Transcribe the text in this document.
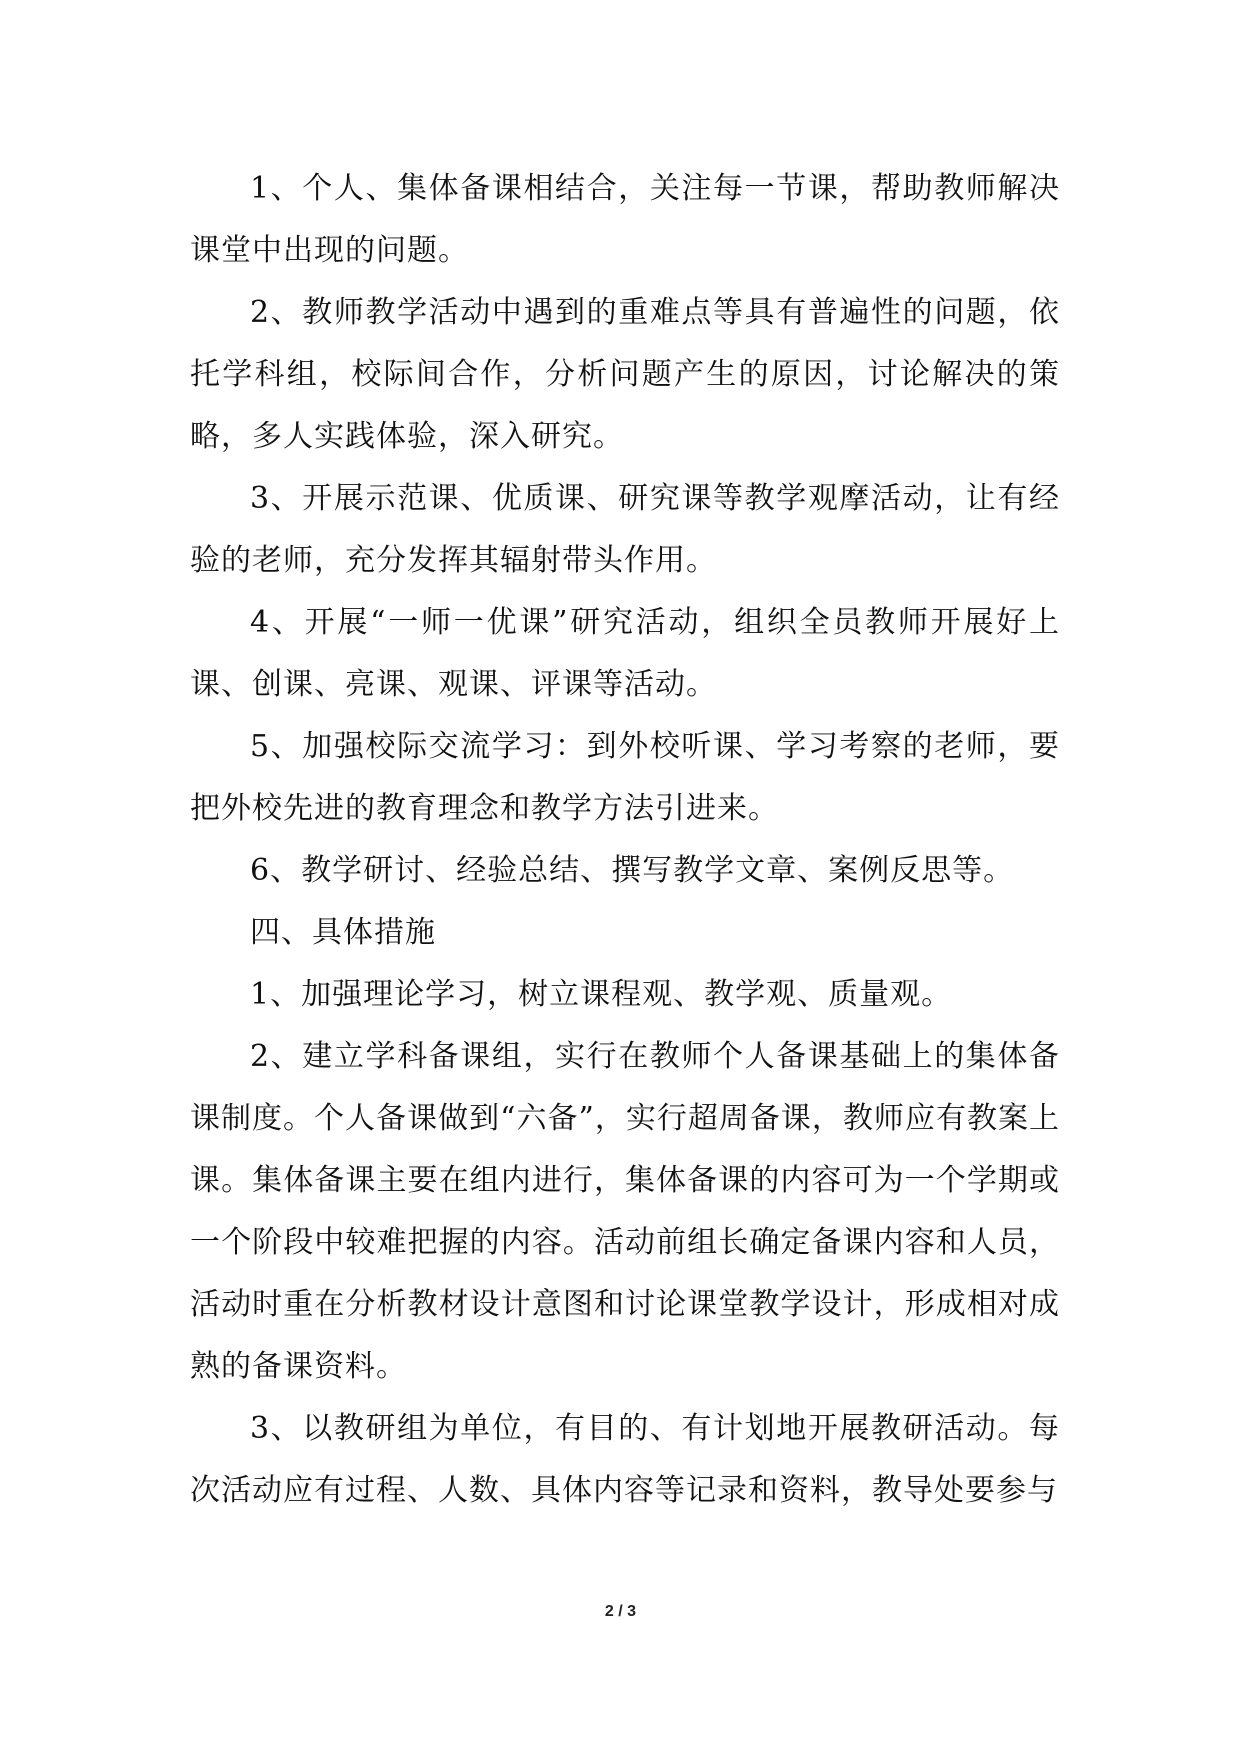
1、个人、集体备课相结合，关注每一节课，帮助教师解决课堂中出现的问题。

2、教师教学活动中遇到的重难点等具有普遍性的问题，依托学科组，校际间合作，分析问题产生的原因，讨论解决的策略，多人实践体验，深入研究。

3、开展示范课、优质课、研究课等教学观摩活动，让有经验的老师，充分发挥其辐射带头作用。

4、开展“一师一优课”研究活动，组织全员教师开展好上课、创课、亮课、观课、评课等活动。

5、加强校际交流学习：到外校听课、学习考察的老师，要把外校先进的教育理念和教学方法引进来。

6、教学研讨、经验总结、撰写教学文章、案例反思等。

四、具体措施

1、加强理论学习，树立课程观、教学观、质量观。

2、建立学科备课组，实行在教师个人备课基础上的集体备课制度。个人备课做到“六备”，实行超周备课，教师应有教案上课。集体备课主要在组内进行，集体备课的内容可为一个学期或一个阶段中较难把握的内容。活动前组长确定备课内容和人员，活动时重在分析教材设计意图和讨论课堂教学设计，形成相对成熟的备课资料。

3、以教研组为单位，有目的、有计划地开展教研活动。每次活动应有过程、人数、具体内容等记录和资料，教导处要参与

2 / 3
